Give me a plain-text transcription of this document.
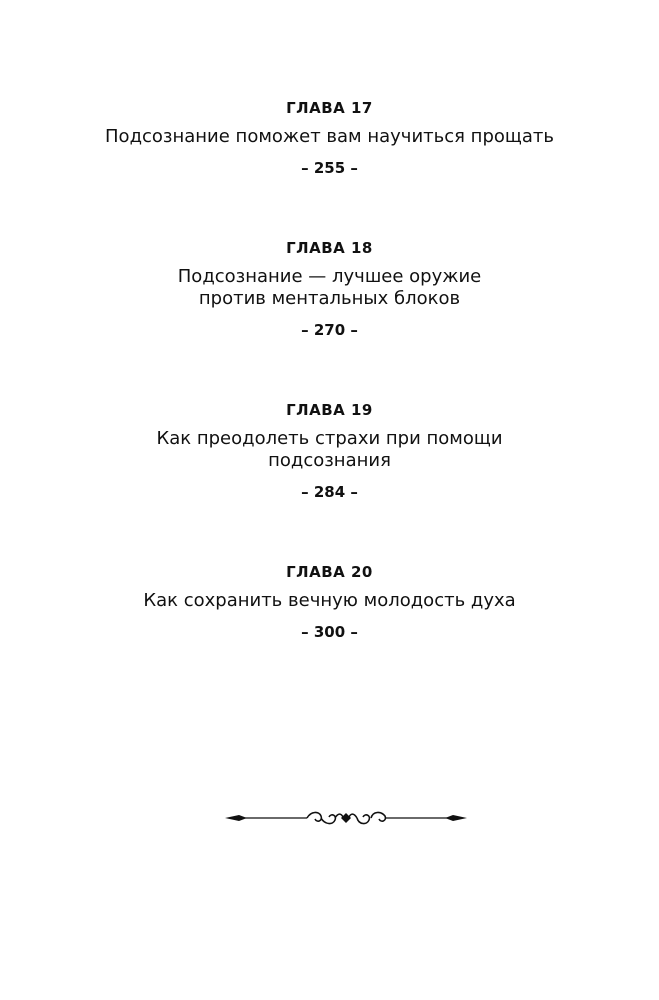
ГЛАВА 17
Подсознание поможет вам научиться прощать
– 255 –
ГЛАВА 18
Подсознание — лучшее оружие против ментальных блоков
– 270 –
ГЛАВА 19
Как преодолеть страхи при помощи подсознания
– 284 –
ГЛАВА 20
Как сохранить вечную молодость духа
– 300 –
